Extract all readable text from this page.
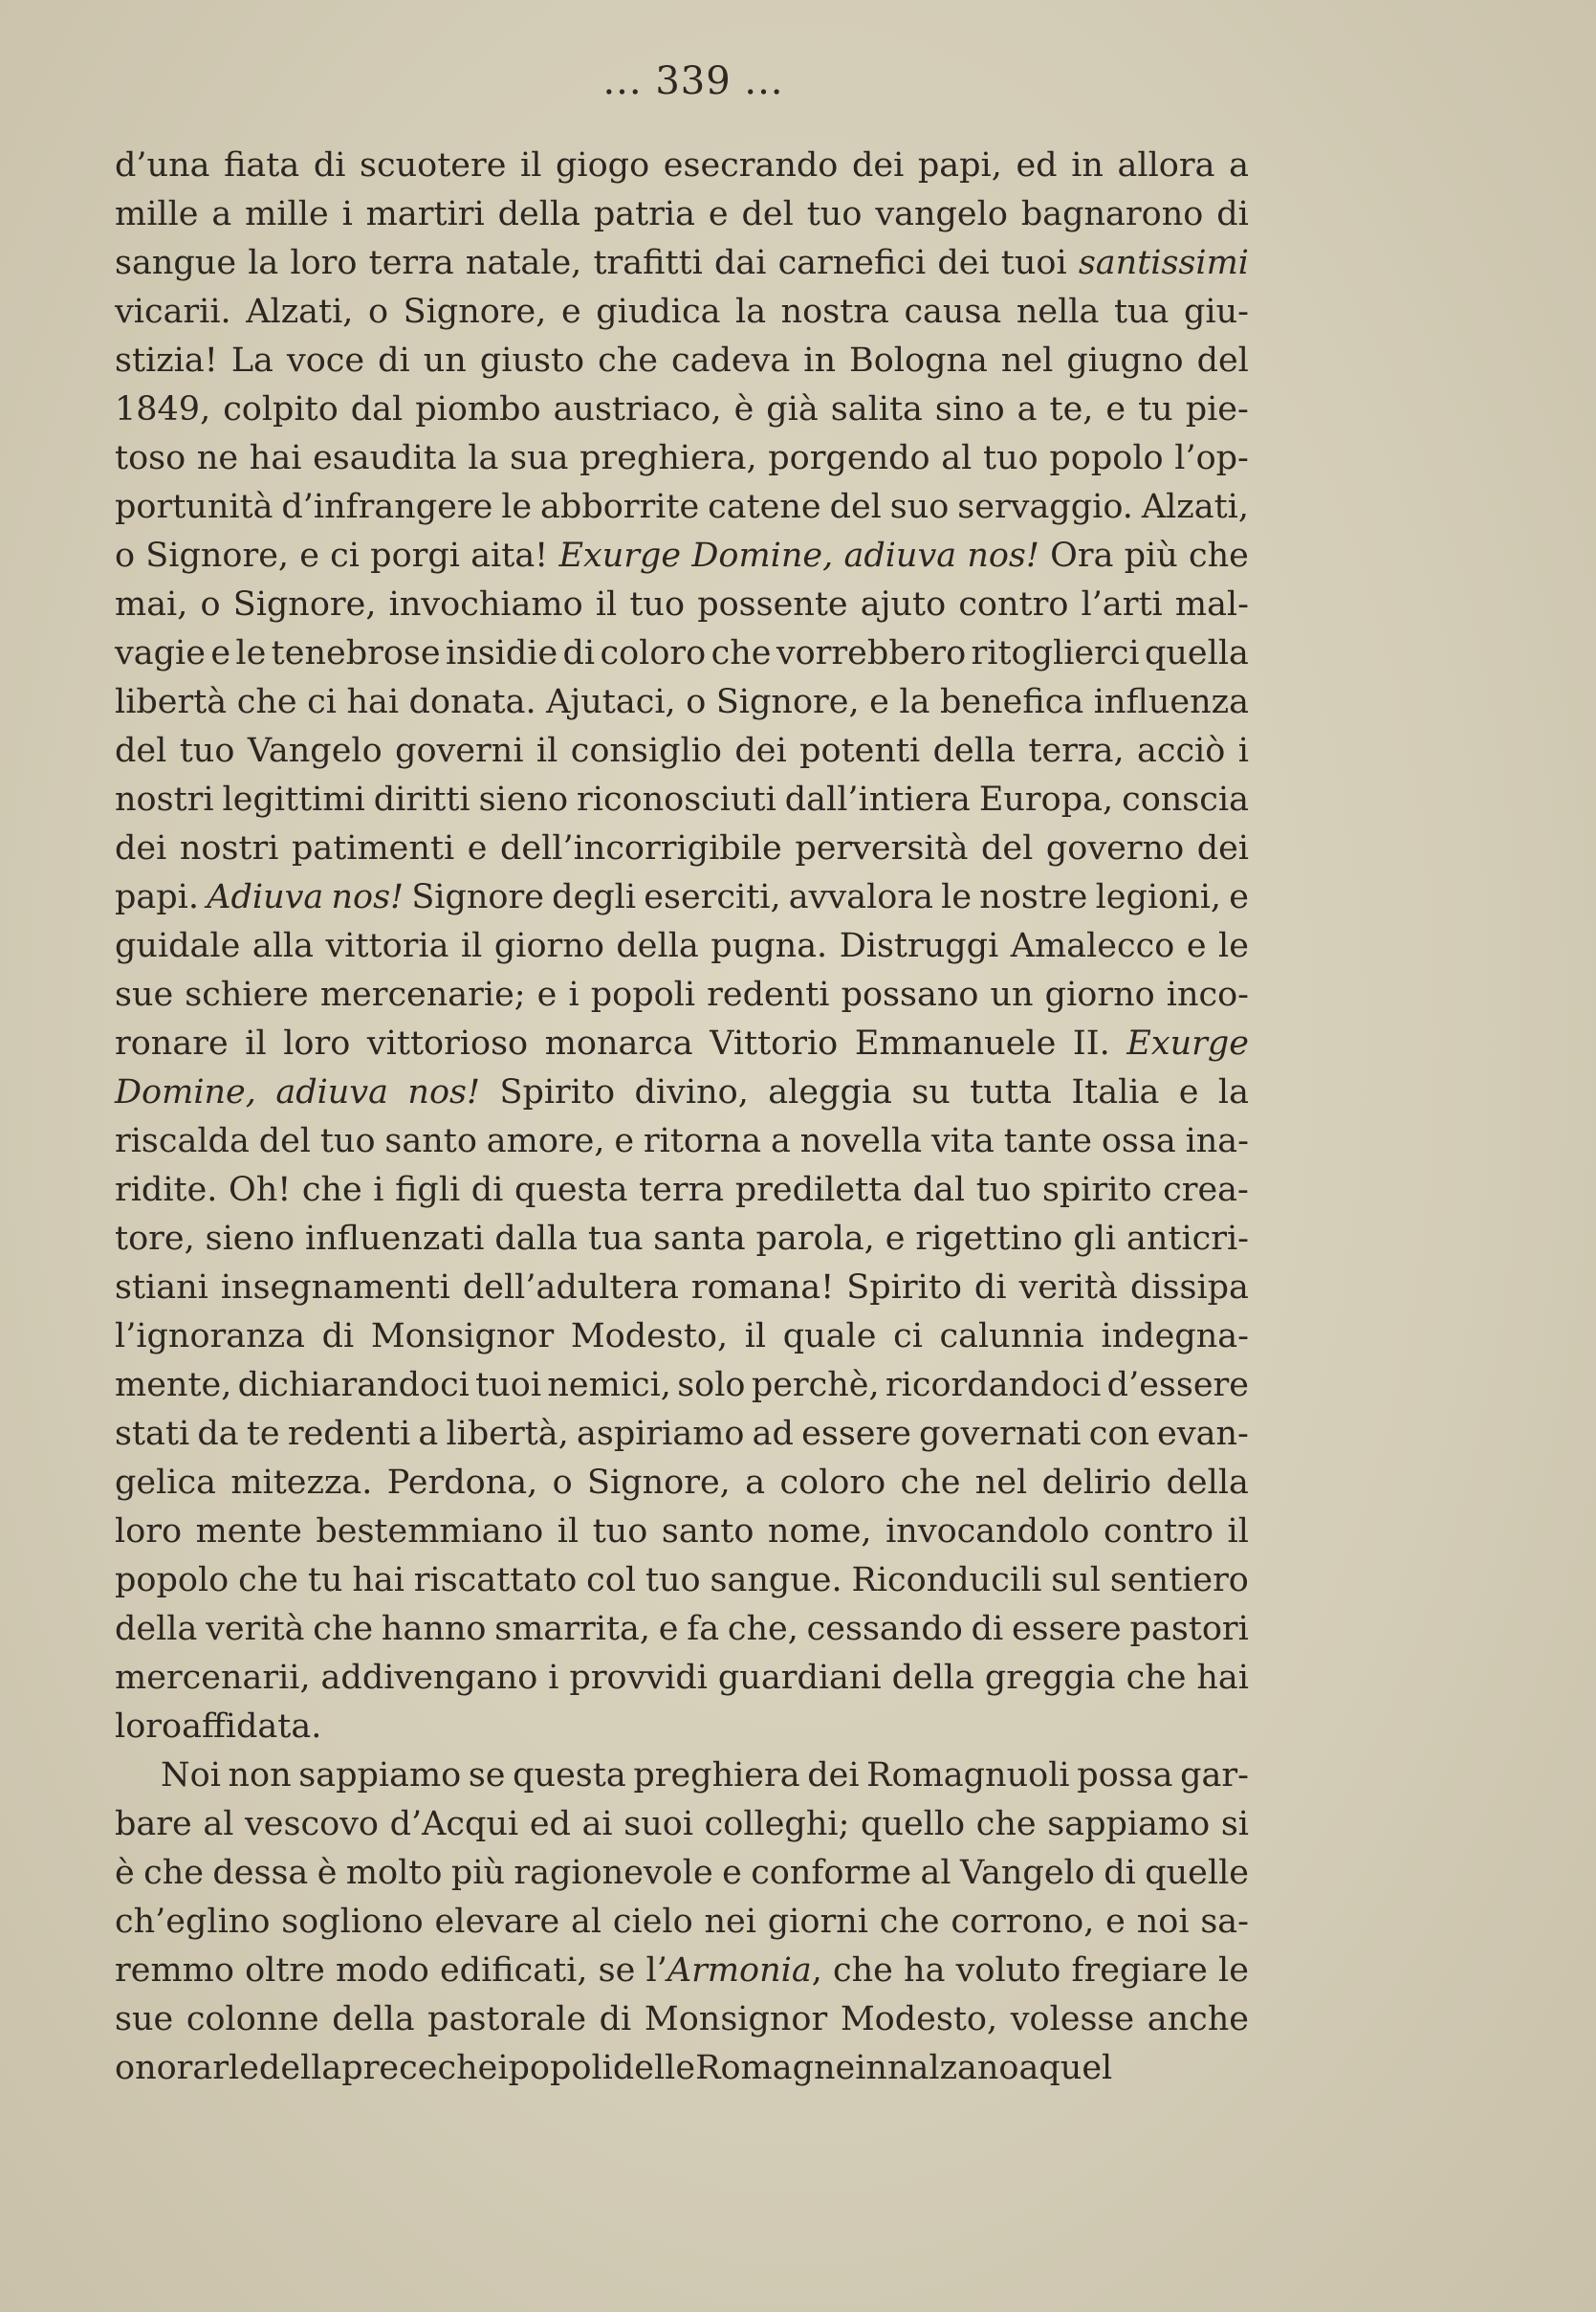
... 339 ...
d’una fiata di scuotere il giogo esecrando dei papi, ed in allora a
mille a mille i martiri della patria e del tuo vangelo bagnarono di
sangue la loro terra natale, trafitti dai carnefici dei tuoi santissimi
vicarii. Alzati, o Signore, e giudica la nostra causa nella tua giu-
stizia! La voce di un giusto che cadeva in Bologna nel giugno del
1849, colpito dal piombo austriaco, è già salita sino a te, e tu pie-
toso ne hai esaudita la sua preghiera, porgendo al tuo popolo l’op-
portunità d’infrangere le abborrite catene del suo servaggio. Alzati,
o Signore, e ci porgi aita! Exurge Domine, adiuva nos! Ora più che
mai, o Signore, invochiamo il tuo possente ajuto contro l’arti mal-
vagie e le tenebrose insidie di coloro che vorrebbero ritoglierci quella
libertà che ci hai donata. Ajutaci, o Signore, e la benefica influenza
del tuo Vangelo governi il consiglio dei potenti della terra, acciò i
nostri legittimi diritti sieno riconosciuti dall’intiera Europa, conscia
dei nostri patimenti e dell’incorrigibile perversità del governo dei
papi. Adiuva nos! Signore degli eserciti, avvalora le nostre legioni, e
guidale alla vittoria il giorno della pugna. Distruggi Amalecco e le
sue schiere mercenarie; e i popoli redenti possano un giorno inco-
ronare il loro vittorioso monarca Vittorio Emmanuele II. Exurge
Domine, adiuva nos! Spirito divino, aleggia su tutta Italia e la
riscalda del tuo santo amore, e ritorna a novella vita tante ossa ina-
ridite. Oh! che i figli di questa terra prediletta dal tuo spirito crea-
tore, sieno influenzati dalla tua santa parola, e rigettino gli anticri-
stiani insegnamenti dell’adultera romana! Spirito di verità dissipa
l’ignoranza di Monsignor Modesto, il quale ci calunnia indegna-
mente, dichiarandoci tuoi nemici, solo perchè, ricordandoci d’essere
stati da te redenti a libertà, aspiriamo ad essere governati con evan-
gelica mitezza. Perdona, o Signore, a coloro che nel delirio della
loro mente bestemmiano il tuo santo nome, invocandolo contro il
popolo che tu hai riscattato col tuo sangue. Riconducili sul sentiero
della verità che hanno smarrita, e fa che, cessando di essere pastori
mercenarii, addivengano i provvidi guardiani della greggia che hai
loro affidata.
Noi non sappiamo se questa preghiera dei Romagnuoli possa gar-
bare al vescovo d’Acqui ed ai suoi colleghi; quello che sappiamo si
è che dessa è molto più ragionevole e conforme al Vangelo di quelle
ch’eglino sogliono elevare al cielo nei giorni che corrono, e noi sa-
remmo oltre modo edificati, se l’Armonia, che ha voluto fregiare le
sue colonne della pastorale di Monsignor Modesto, volesse anche
onorarle della prece che i popoli delle Romagne innalzano a quel
